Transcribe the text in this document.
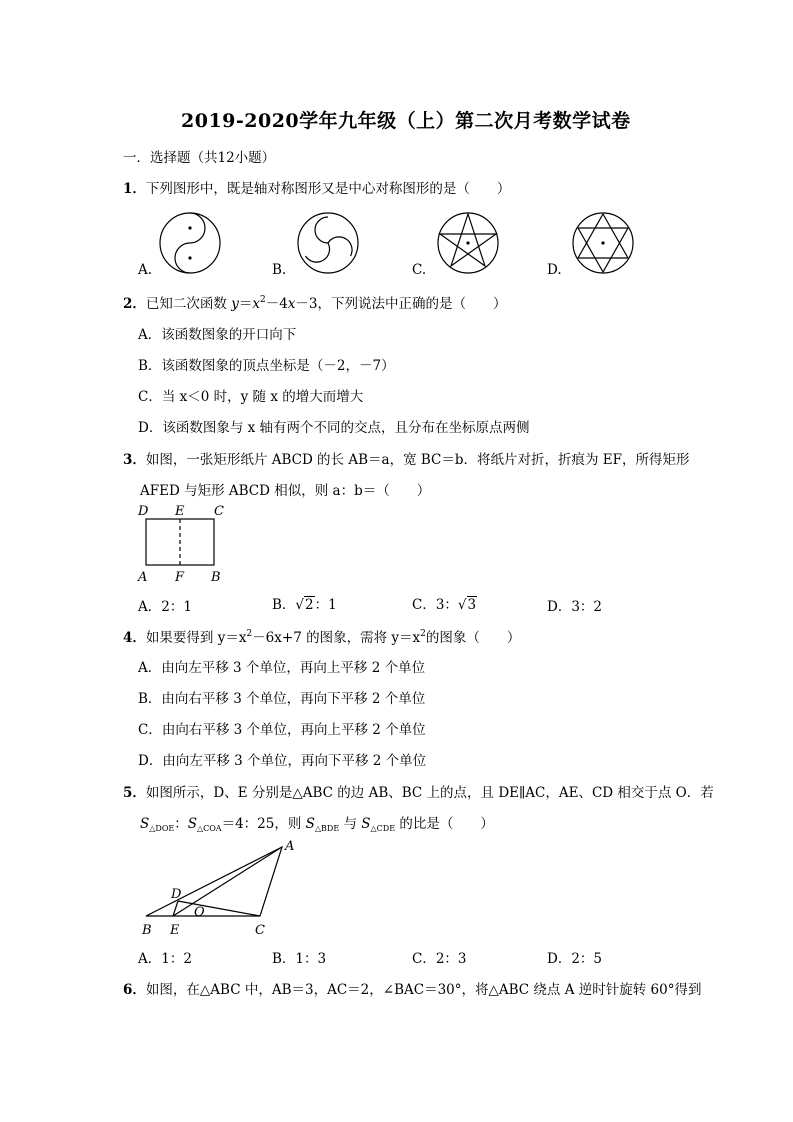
2019-2020学年九年级（上）第二次月考数学试卷
一．选择题（共12小题）
1．下列图形中，既是轴对称图形又是中心对称图形的是（　　）
A.	B.	C.	D.
2．已知二次函数 $y=x^2-4x-3$，下列说法中正确的是（　　）
A．该函数图象的开口向下
B．该函数图象的顶点坐标是（－2，－7）
C．当 x＜0 时，y 随 x 的增大而增大
D．该函数图象与 x 轴有两个不同的交点，且分布在坐标原点两侧
3．如图，一张矩形纸片 ABCD 的长 AB＝a，宽 BC＝b．将纸片对折，折痕为 EF，所得矩形
AFED 与矩形 ABCD 相似，则 a：b＝（　　）
D E C
A F B
A．2：1	B．√2：1	C．3：√3	D．3：2
4．如果要得到 $y=x^2-6x+7$ 的图象，需将 $y=x^2$的图象（　　）
A．由向左平移 3 个单位，再向上平移 2 个单位
B．由向右平移 3 个单位，再向下平移 2 个单位
C．由向右平移 3 个单位，再向上平移 2 个单位
D．由向左平移 3 个单位，再向下平移 2 个单位
5．如图所示，D、E 分别是△ABC 的边 AB、BC 上的点，且 DE∥AC，AE、CD 相交于点 O．若
$S_{\triangle DOE}$：$S_{\triangle COA}=4$：25，则 $S_{\triangle BDE}$ 与 $S_{\triangle CDE}$ 的比是（　　）
A
D
O
B E	C
A．1：2	B．1：3	C．2：3	D．2：5
6．如图，在△ABC 中，AB＝3，AC＝2，∠BAC＝30°，将△ABC 绕点 A 逆时针旋转 60°得到
